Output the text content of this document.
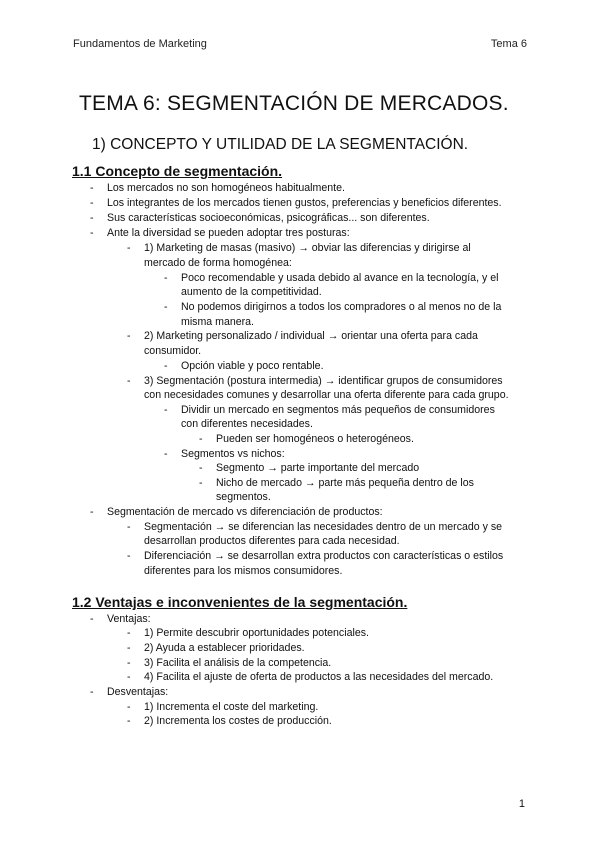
Fundamentos de Marketing	Tema 6
TEMA 6: SEGMENTACIÓN DE MERCADOS.
1) CONCEPTO Y UTILIDAD DE LA SEGMENTACIÓN.
1.1 Concepto de segmentación.
- Los mercados no son homogéneos habitualmente.
- Los integrantes de los mercados tienen gustos, preferencias y beneficios diferentes.
- Sus características socioeconómicas, psicográficas... son diferentes.
- Ante la diversidad se pueden adoptar tres posturas:
- 1) Marketing de masas (masivo) → obviar las diferencias y dirigirse al
mercado de forma homogénea:
- Poco recomendable y usada debido al avance en la tecnología, y el
aumento de la competitividad.
- No podemos dirigirnos a todos los compradores o al menos no de la
misma manera.
- 2) Marketing personalizado / individual → orientar una oferta para cada
consumidor.
- Opción viable y poco rentable.
- 3) Segmentación (postura intermedia) → identificar grupos de consumidores
con necesidades comunes y desarrollar una oferta diferente para cada grupo.
- Dividir un mercado en segmentos más pequeños de consumidores
con diferentes necesidades.
- Pueden ser homogéneos o heterogéneos.
- Segmentos vs nichos:
- Segmento → parte importante del mercado
- Nicho de mercado → parte más pequeña dentro de los
segmentos.
- Segmentación de mercado vs diferenciación de productos:
- Segmentación → se diferencian las necesidades dentro de un mercado y se
desarrollan productos diferentes para cada necesidad.
- Diferenciación → se desarrollan extra productos con características o estilos
diferentes para los mismos consumidores.
1.2 Ventajas e inconvenientes de la segmentación.
- Ventajas:
- 1) Permite descubrir oportunidades potenciales.
- 2) Ayuda a establecer prioridades.
- 3) Facilita el análisis de la competencia.
- 4) Facilita el ajuste de oferta de productos a las necesidades del mercado.
- Desventajas:
- 1) Incrementa el coste del marketing.
- 2) Incrementa los costes de producción.
1
